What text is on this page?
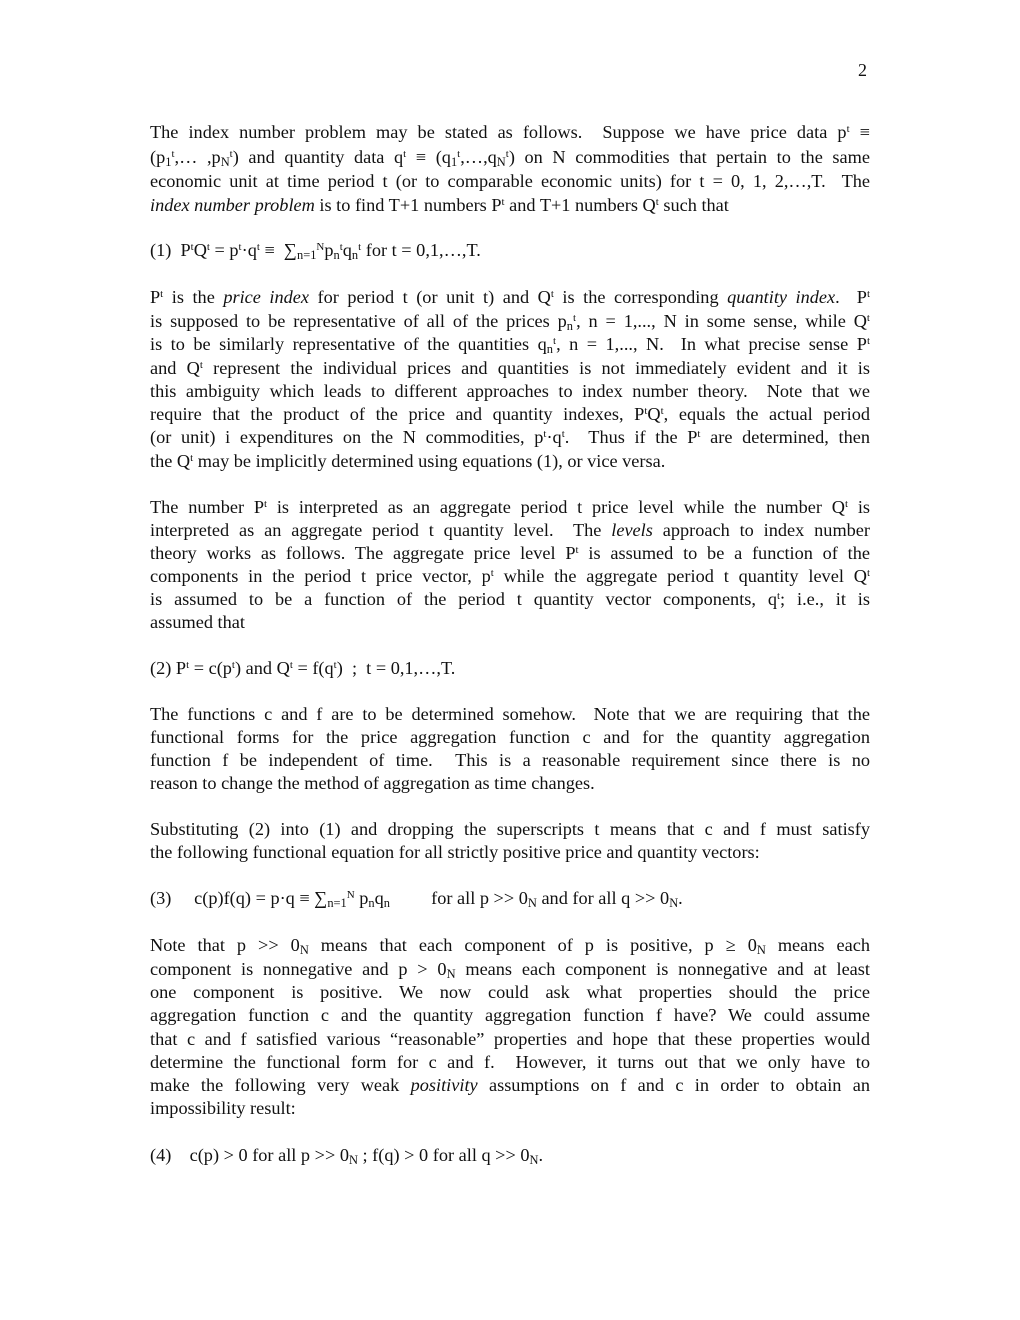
2
The index number problem may be stated as follows.  Suppose we have price data $p^t$ ≡
($p_1^t,\dots$ $,p_N^t$) and quantity data $q^t$ ≡ $(q_1^t,\dots,q_N^t)$ on N commodities that pertain to the same
economic unit at time period t (or to comparable economic units) for t = 0, 1, 2,…,T.  The
index number problem is to find T+1 numbers $P^t$ and T+1 numbers $Q^t$ such that
(1)  $P^tQ^t = p^t\cdot q^t \equiv \sum_{n=1}^Np_n^tq_n^t$ for t = 0,1,…,T.
$P^t$ is the price index for period t (or unit t) and $Q^t$ is the corresponding quantity index.  $P^t$
is supposed to be representative of all of the prices $p_n^t$, n = 1,..., N in some sense, while $Q^t$
is to be similarly representative of the quantities $q_n^t$, n = 1,..., N.  In what precise sense $P^t$
and $Q^t$ represent the individual prices and quantities is not immediately evident and it is
this ambiguity which leads to different approaches to index number theory.  Note that we
require that the product of the price and quantity indexes, $P^tQ^t$, equals the actual period
(or unit) i expenditures on the N commodities, $p^t\cdot q^t$.  Thus if the $P^t$ are determined, then
the $Q^t$ may be implicitly determined using equations (1), or vice versa.
The number $P^t$ is interpreted as an aggregate period t price level while the number $Q^t$ is
interpreted as an aggregate period t quantity level.  The levels approach to index number
theory works as follows. The aggregate price level $P^t$ is assumed to be a function of the
components in the period t price vector, $p^t$ while the aggregate period t quantity level $Q^t$
is assumed to be a function of the period t quantity vector components, $q^t$; i.e., it is
assumed that
(2) $P^t = c(p^t)$ and $Q^t = f(q^t)$  ;  t = 0,1,…,T.
The functions c and f are to be determined somehow.  Note that we are requiring that the
functional forms for the price aggregation function c and for the quantity aggregation
function f be independent of time.  This is a reasonable requirement since there is no
reason to change the method of aggregation as time changes.
Substituting (2) into (1) and dropping the superscripts t means that c and f must satisfy
the following functional equation for all strictly positive price and quantity vectors:
(3)     $c(p)f(q) = p\cdot q \equiv \sum_{n=1}^N$ $p_nq_n$         for all $p >> 0_N$ and for all $q >> 0_N$.
Note that $p >> 0_N$ means that each component of p is positive, $p \ge 0_N$ means each
component is nonnegative and $p > 0_N$ means each component is nonnegative and at least
one component is positive. We now could ask what properties should the price
aggregation function c and the quantity aggregation function f have? We could assume
that c and f satisfied various “reasonable” properties and hope that these properties would
determine the functional form for c and f.  However, it turns out that we only have to
make the following very weak positivity assumptions on f and c in order to obtain an
impossibility result:
(4)    c(p) > 0 for all $p >> 0_N$ ; f(q) > 0 for all $q >> 0_N$.
